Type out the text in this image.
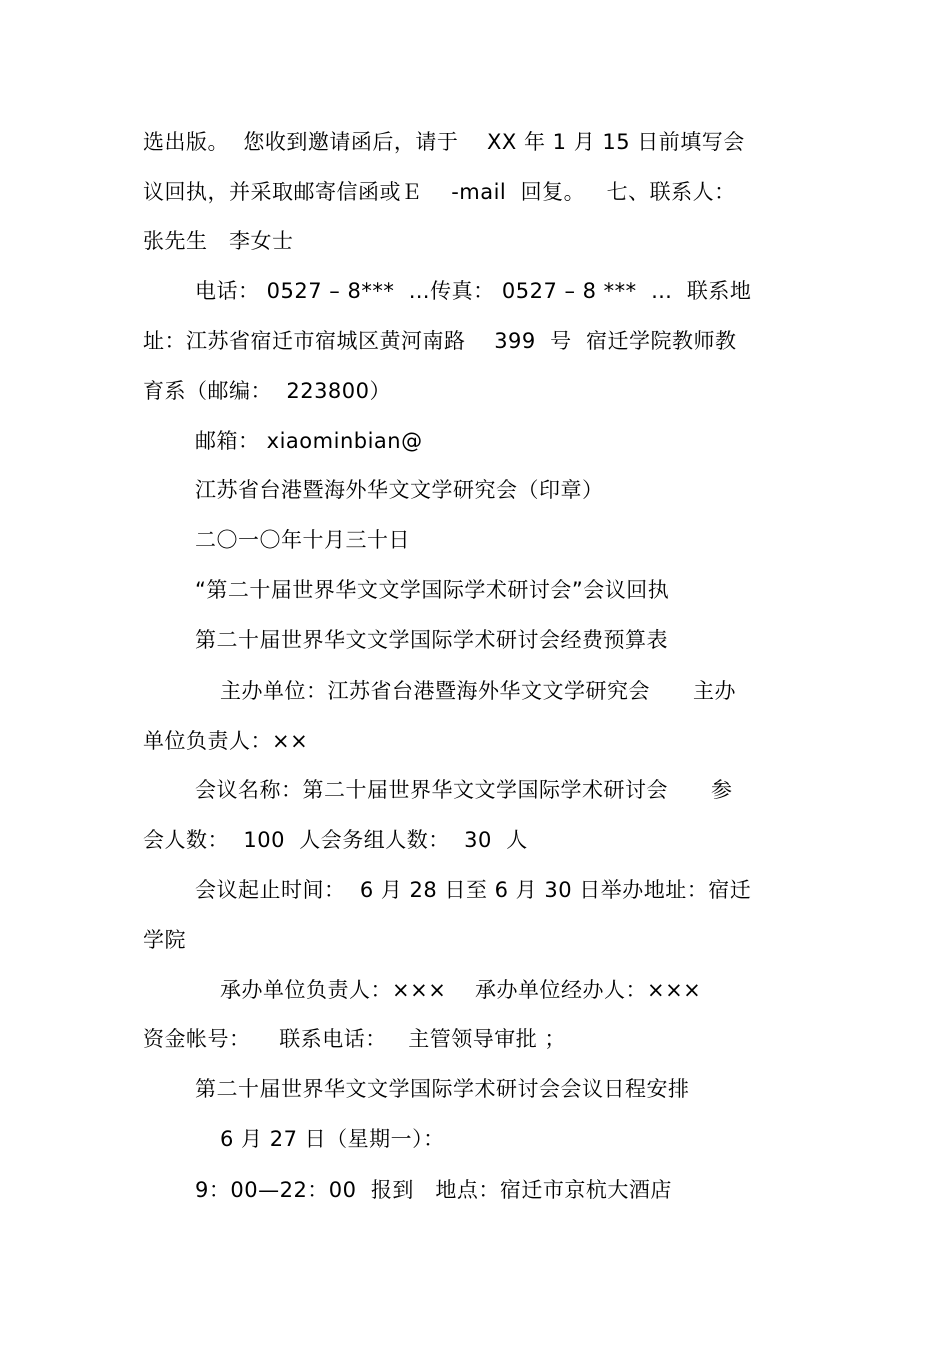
选出版。  您收到邀请函后，请于    XX 年 1 月 15 日前填写会
议回执，并采取邮寄信函或Ｅ    -mail  回复。   七、联系人：
张先生   李女士
电话： 0527 – 8***  …传真： 0527 – 8 ***  …  联系地
址：江苏省宿迁市宿城区黄河南路    399  号  宿迁学院教师教
育系（邮编：  223800）
邮箱： xiaominbian@
江苏省台港暨海外华文文学研究会（印章）
二〇一〇年十月三十日
“第二十届世界华文文学国际学术研讨会”会议回执
第二十届世界华文文学国际学术研讨会经费预算表
主办单位：江苏省台港暨海外华文文学研究会      主办
单位负责人：××
会议名称：第二十届世界华文文学国际学术研讨会      参
会人数：  100  人会务组人数：  30  人
会议起止时间：  6 月 28 日至 6 月 30 日举办地址：宿迁
学院
承办单位负责人：×××    承办单位经办人：×××
资金帐号：    联系电话：   主管领导审批 ；
第二十届世界华文文学国际学术研讨会会议日程安排
6 月 27 日（星期一）：
9：00—22：00  报到   地点：宿迁市京杭大酒店
